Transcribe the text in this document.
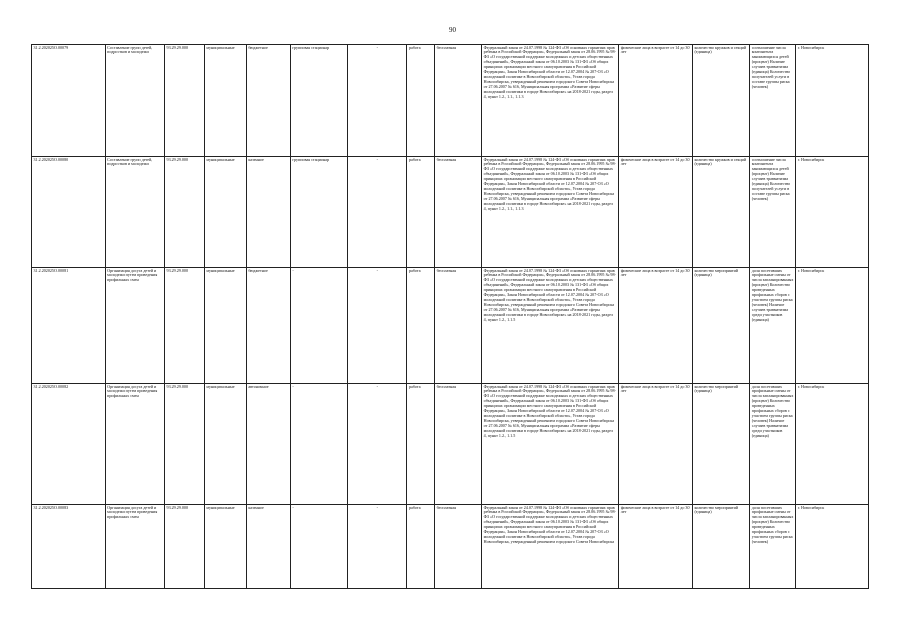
90
31.2.202025О.00079	Составление групп детей, подростков и молодежи	93.29.29.000	муниципальные	бюджетное	групповая стационар	-	работа	бесплатная	Федеральный закон от 24.07.1998 № 124-ФЗ «Об основных гарантиях прав ребенка в Российской Федерации», Федеральный закон от 28.06.1995 № 98-ФЗ «О государственной поддержке молодежных и детских общественных объединений», Федеральный закон от 06.10.2003 № 131-ФЗ «Об общих принципах организации местного самоуправления в Российской Федерации», Закон Новосибирской области от 12.07.2004 № 207-ОЗ «О молодежной политике в Новосибирской области», Устав города Новосибирска, утвержденный решением городского Совета Новосибирска от 27.06.2007 № 616, Муниципальная программа «Развитие сферы молодежной политики в городе Новосибирске» на 2018-2021 годы, раздел 4, пункт 1.2., 1.1., 1.1.3	физические лица в возрасте от 14 до 30 лет	количество кружков и секций (единица)	соотношение числа контингента занимающихся детей (процент) Наличие случаев травматизма (единица) Количество получателей услуги в составе группы риска (человек)	г. Новосибирск
31.2.202025О.00080	Составление групп детей, подростков и молодежи	93.29.29.000	муниципальные	казенное	групповая стационар	-	работа	бесплатная	Федеральный закон от 24.07.1998 № 124-ФЗ «Об основных гарантиях прав ребенка в Российской Федерации», Федеральный закон от 28.06.1995 № 98-ФЗ «О государственной поддержке молодежных и детских общественных объединений», Федеральный закон от 06.10.2003 № 131-ФЗ «Об общих принципах организации местного самоуправления в Российской Федерации», Закон Новосибирской области от 12.07.2004 № 207-ОЗ «О молодежной политике в Новосибирской области», Устав города Новосибирска, утвержденный решением городского Совета Новосибирска от 27.06.2007 № 616, Муниципальная программа «Развитие сферы молодежной политики в городе Новосибирске» на 2018-2021 годы, раздел 4, пункт 1.2., 1.1., 1.1.3	физические лица в возрасте от 14 до 30 лет	количество кружков и секций (единица)	соотношение числа контингента занимающихся детей (процент) Наличие случаев травматизма (единица) Количество получателей услуги в составе группы риска (человек)	г. Новосибирск
31.2.202025О.00081	Организация досуга детей и молодежи путем проведения профильных смен	93.29.29.000	муниципальные	бюджетное	-	-	работа	бесплатная	Федеральный закон от 24.07.1998 № 124-ФЗ «Об основных гарантиях прав ребенка в Российской Федерации», Федеральный закон от 28.06.1995 № 98-ФЗ «О государственной поддержке молодежных и детских общественных объединений», Федеральный закон от 06.10.2003 № 131-ФЗ «Об общих принципах организации местного самоуправления в Российской Федерации», Закон Новосибирской области от 12.07.2004 № 207-ОЗ «О молодежной политике в Новосибирской области», Устав города Новосибирска, утвержденный решением городского Совета Новосибирска от 27.06.2007 № 616, Муниципальная программа «Развитие сферы молодежной политики в городе Новосибирске» на 2018-2021 годы, раздел 4, пункт 1.2., 1.1.5	физические лица в возрасте от 14 до 30 лет	количество мероприятий (единица)	доля посетивших профильные смены от числа запланированных (процент) Количество проведенных профильных сборов с участием группы риска (человек) Наличие случаев травматизма среди участников (единица)	г. Новосибирск
31.2.202025О.00082	Организация досуга детей и молодежи путем проведения профильных смен	93.29.29.000	муниципальные	автономное	-	-	работа	бесплатная	Федеральный закон от 24.07.1998 № 124-ФЗ «Об основных гарантиях прав ребенка в Российской Федерации», Федеральный закон от 28.06.1995 № 98-ФЗ «О государственной поддержке молодежных и детских общественных объединений», Федеральный закон от 06.10.2003 № 131-ФЗ «Об общих принципах организации местного самоуправления в Российской Федерации», Закон Новосибирской области от 12.07.2004 № 207-ОЗ «О молодежной политике в Новосибирской области», Устав города Новосибирска, утвержденный решением городского Совета Новосибирска от 27.06.2007 № 616, Муниципальная программа «Развитие сферы молодежной политики в городе Новосибирске» на 2018-2021 годы, раздел 4, пункт 1.2., 1.1.5	физические лица в возрасте от 14 до 30 лет	количество мероприятий (единица)	доля посетивших профильные смены от числа запланированных (процент) Количество проведенных профильных сборов с участием группы риска (человек) Наличие случаев травматизма среди участников (единица)	г. Новосибирск
31.2.202025О.00083	Организация досуга детей и молодежи путем проведения профильных смен	93.29.29.000	муниципальные	казенное	-	-	работа	бесплатная	Федеральный закон от 24.07.1998 № 124-ФЗ «Об основных гарантиях прав ребенка в Российской Федерации», Федеральный закон от 28.06.1995 № 98-ФЗ «О государственной поддержке молодежных и детских общественных объединений», Федеральный закон от 06.10.2003 № 131-ФЗ «Об общих принципах организации местного самоуправления в Российской Федерации», Закон Новосибирской области от 12.07.2004 № 207-ОЗ «О молодежной политике в Новосибирской области», Устав города Новосибирска, утвержденный решением городского Совета Новосибирска	физические лица в возрасте от 14 до 30 лет	количество мероприятий (единица)	доля посетивших профильные смены от числа запланированных (процент) Количество проведенных профильных сборов с участием группы риска (человек)	г. Новосибирск
